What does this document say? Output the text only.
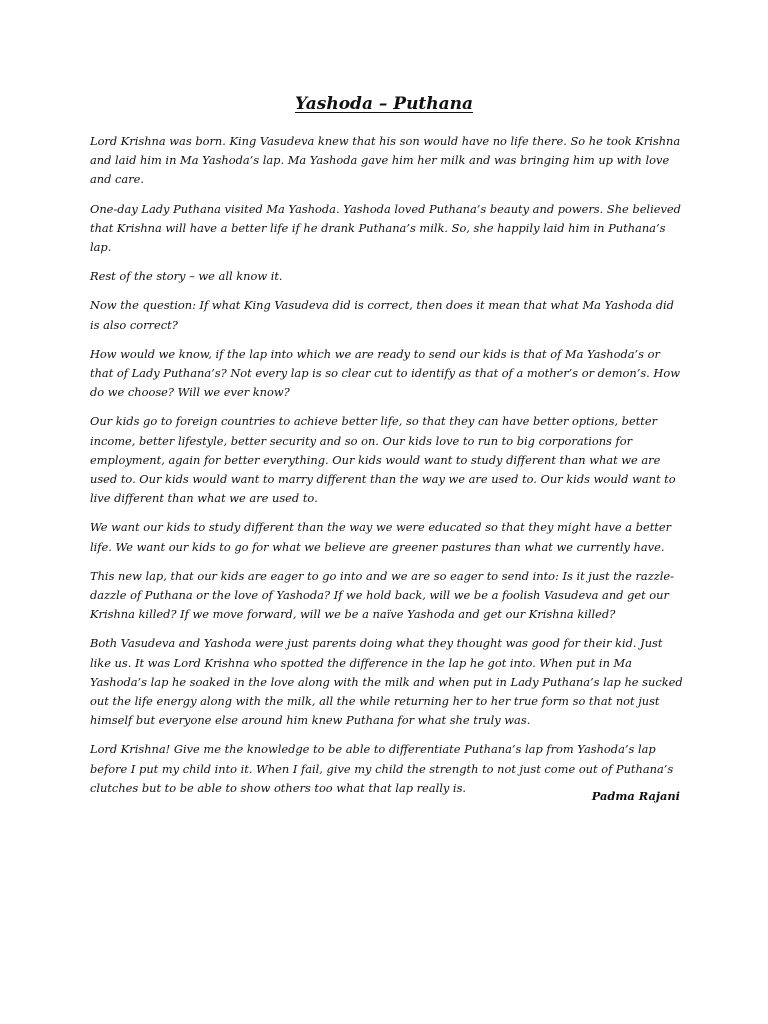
Yashoda – Puthana

Lord Krishna was born. King Vasudeva knew that his son would have no life there. So he took Krishna and laid him in Ma Yashoda’s lap. Ma Yashoda gave him her milk and was bringing him up with love and care.

One-day Lady Puthana visited Ma Yashoda. Yashoda loved Puthana’s beauty and powers. She believed that Krishna will have a better life if he drank Puthana’s milk. So, she happily laid him in Puthana’s lap.

Rest of the story – we all know it.

Now the question: If what King Vasudeva did is correct, then does it mean that what Ma Yashoda did is also correct?

How would we know, if the lap into which we are ready to send our kids is that of Ma Yashoda’s or that of Lady Puthana’s? Not every lap is so clear cut to identify as that of a mother’s or demon’s. How do we choose? Will we ever know?

Our kids go to foreign countries to achieve better life, so that they can have better options, better income, better lifestyle, better security and so on. Our kids love to run to big corporations for employment, again for better everything. Our kids would want to study different than what we are used to. Our kids would want to marry different than the way we are used to. Our kids would want to live different than what we are used to.

We want our kids to study different than the way we were educated so that they might have a better life. We want our kids to go for what we believe are greener pastures than what we currently have.

This new lap, that our kids are eager to go into and we are so eager to send into: Is it just the razzle-dazzle of Puthana or the love of Yashoda? If we hold back, will we be a foolish Vasudeva and get our Krishna killed? If we move forward, will we be a naïve Yashoda and get our Krishna killed?

Both Vasudeva and Yashoda were just parents doing what they thought was good for their kid. Just like us. It was Lord Krishna who spotted the difference in the lap he got into. When put in Ma Yashoda’s lap he soaked in the love along with the milk and when put in Lady Puthana’s lap he sucked out the life energy along with the milk, all the while returning her to her true form so that not just himself but everyone else around him knew Puthana for what she truly was.

Lord Krishna! Give me the knowledge to be able to differentiate Puthana’s lap from Yashoda’s lap before I put my child into it. When I fail, give my child the strength to not just come out of Puthana’s clutches but to be able to show others too what that lap really is.

Padma Rajani
